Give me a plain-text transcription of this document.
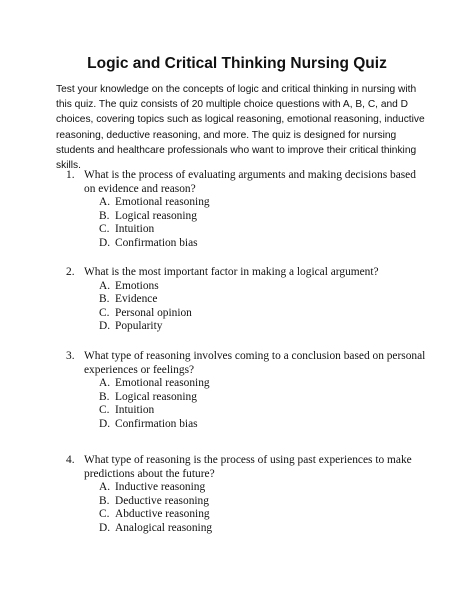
Logic and Critical Thinking Nursing Quiz

Test your knowledge on the concepts of logic and critical thinking in nursing with this quiz. The quiz consists of 20 multiple choice questions with A, B, C, and D choices, covering topics such as logical reasoning, emotional reasoning, inductive reasoning, deductive reasoning, and more. The quiz is designed for nursing students and healthcare professionals who want to improve their critical thinking skills.

1. What is the process of evaluating arguments and making decisions based on evidence and reason?
A. Emotional reasoning
B. Logical reasoning
C. Intuition
D. Confirmation bias
2. What is the most important factor in making a logical argument?
A. Emotions
B. Evidence
C. Personal opinion
D. Popularity
3. What type of reasoning involves coming to a conclusion based on personal experiences or feelings?
A. Emotional reasoning
B. Logical reasoning
C. Intuition
D. Confirmation bias
4. What type of reasoning is the process of using past experiences to make predictions about the future?
A. Inductive reasoning
B. Deductive reasoning
C. Abductive reasoning
D. Analogical reasoning
